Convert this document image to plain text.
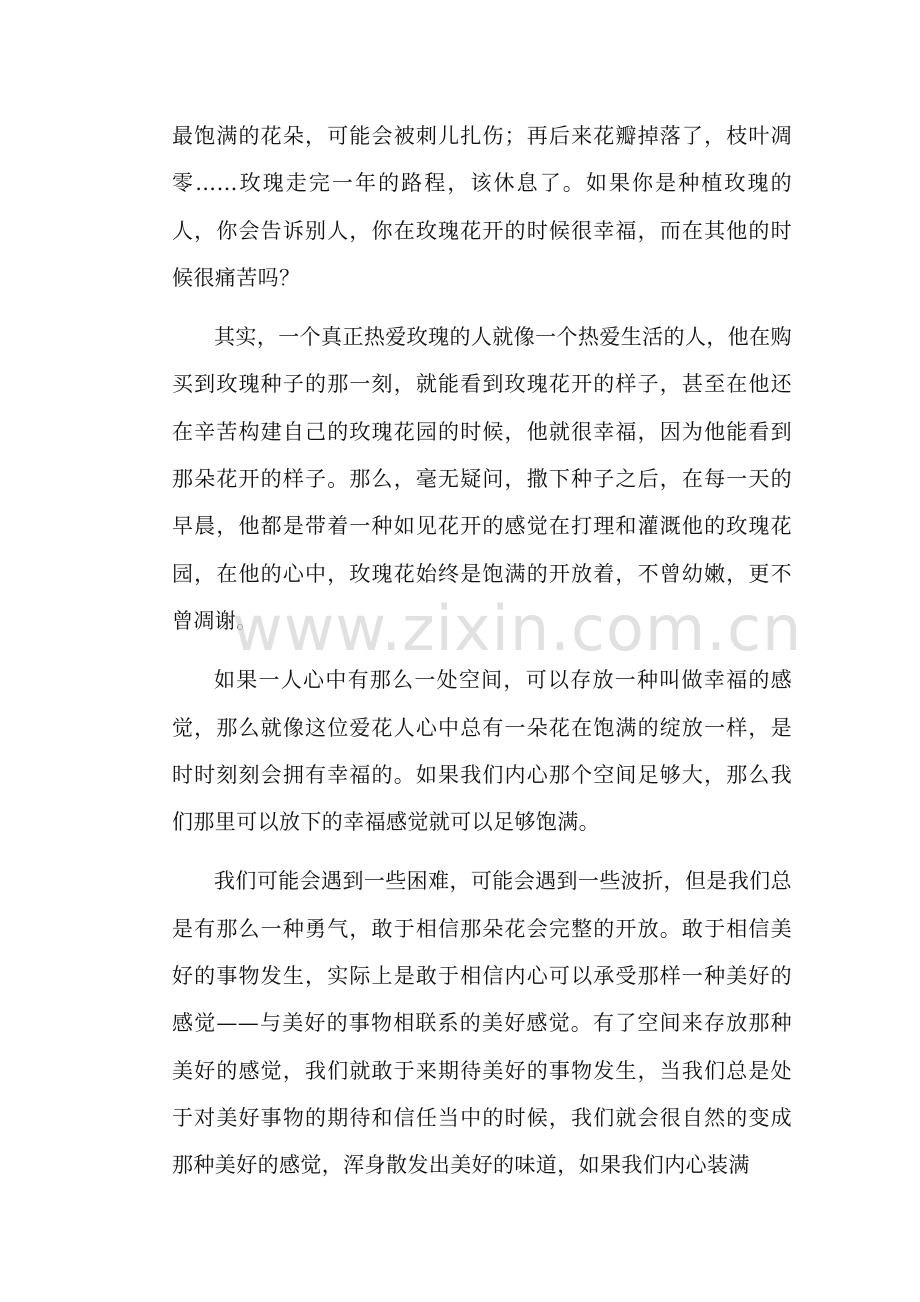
最饱满的花朵，可能会被刺儿扎伤；再后来花瓣掉落了，枝叶凋零……玫瑰走完一年的路程，该休息了。如果你是种植玫瑰的人，你会告诉别人，你在玫瑰花开的时候很幸福，而在其他的时候很痛苦吗？

其实，一个真正热爱玫瑰的人就像一个热爱生活的人，他在购买到玫瑰种子的那一刻，就能看到玫瑰花开的样子，甚至在他还在辛苦构建自己的玫瑰花园的时候，他就很幸福，因为他能看到那朵花开的样子。那么，毫无疑问，撒下种子之后，在每一天的早晨，他都是带着一种如见花开的感觉在打理和灌溉他的玫瑰花园，在他的心中，玫瑰花始终是饱满的开放着，不曾幼嫩，更不曾凋谢。

如果一人心中有那么一处空间，可以存放一种叫做幸福的感觉，那么就像这位爱花人心中总有一朵花在饱满的绽放一样，是时时刻刻会拥有幸福的。如果我们内心那个空间足够大，那么我们那里可以放下的幸福感觉就可以足够饱满。

我们可能会遇到一些困难，可能会遇到一些波折，但是我们总是有那么一种勇气，敢于相信那朵花会完整的开放。敢于相信美好的事物发生，实际上是敢于相信内心可以承受那样一种美好的感觉——与美好的事物相联系的美好感觉。有了空间来存放那种美好的感觉，我们就敢于来期待美好的事物发生，当我们总是处于对美好事物的期待和信任当中的时候，我们就会很自然的变成那种美好的感觉，浑身散发出美好的味道，如果我们内心装满

www.zixin.com.cn
